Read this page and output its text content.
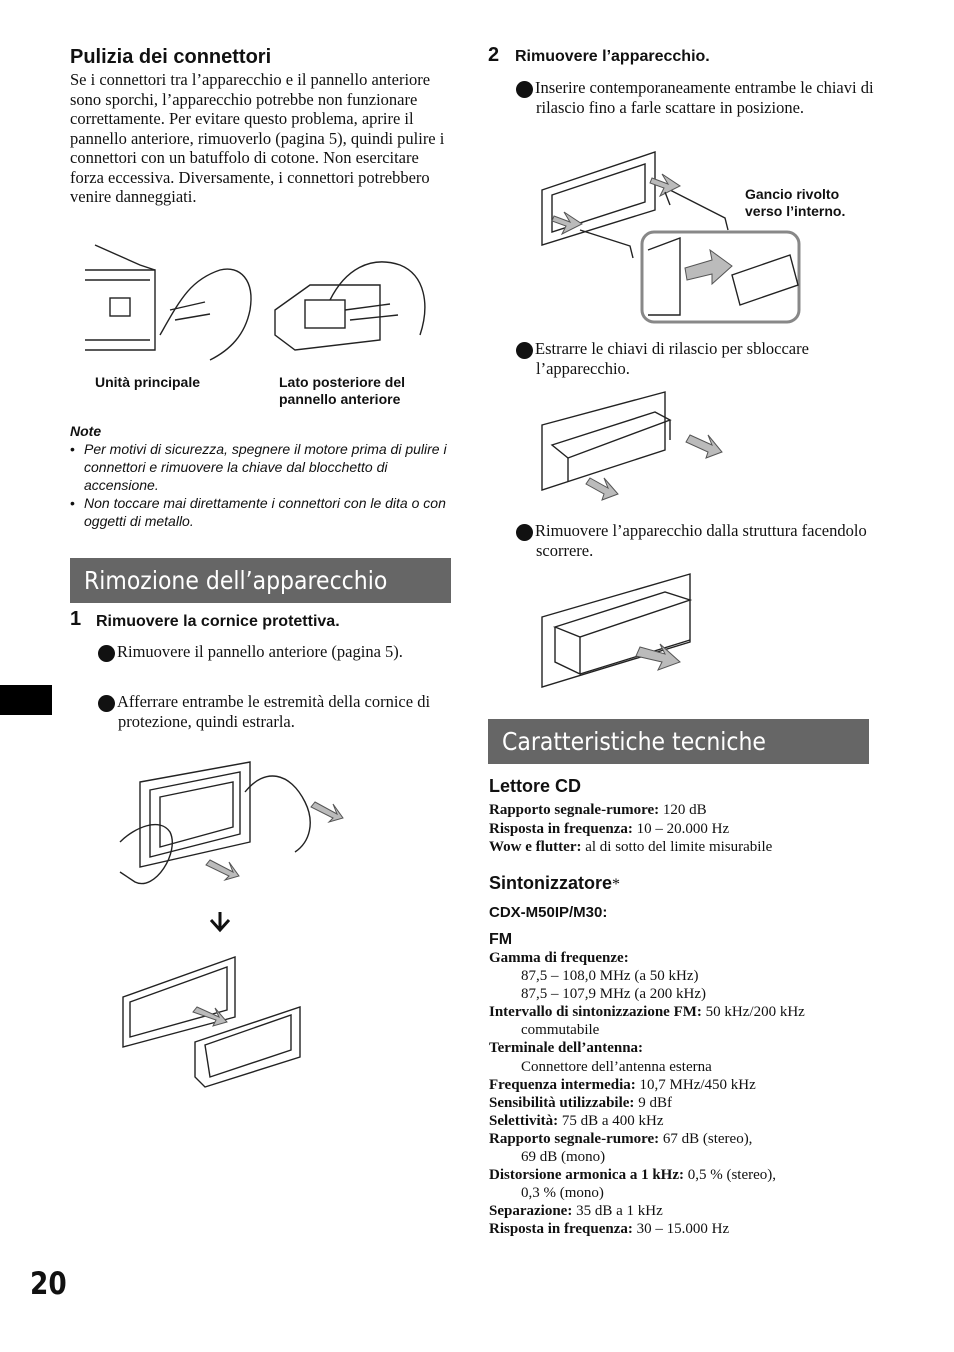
Pulizia dei connettori
Se i connettori tra l’apparecchio e il pannello anteriore sono sporchi, l’apparecchio potrebbe non funzionare correttamente. Per evitare questo problema, aprire il pannello anteriore, rimuoverlo (pagina 5), quindi pulire i connettori con un batuffolo di cotone. Non esercitare forza eccessiva. Diversamente, i connettori potrebbero venire danneggiati.
Unità principale	Lato posteriore del pannello anteriore
Note
• Per motivi di sicurezza, spegnere il motore prima di pulire i connettori e rimuovere la chiave dal blocchetto di accensione.
• Non toccare mai direttamente i connettori con le dita o con oggetti di metallo.
Rimozione dell’apparecchio
1 Rimuovere la cornice protettiva.
1 Rimuovere il pannello anteriore (pagina 5).
2 Afferrare entrambe le estremità della cornice di protezione, quindi estrarla.
20
2 Rimuovere l’apparecchio.
1 Inserire contemporaneamente entrambe le chiavi di rilascio fino a farle scattare in posizione.
Gancio rivolto verso l’interno.
2 Estrarre le chiavi di rilascio per sbloccare l’apparecchio.
3 Rimuovere l’apparecchio dalla struttura facendolo scorrere.
Caratteristiche tecniche
Lettore CD

Rapporto segnale-rumore: 120 dB

Risposta in frequenza: 10 – 20.000 Hz

Wow e flutter: al di sotto del limite misurabile

Sintonizzatore*
CDX-M50IP/M30:
FM

Gamma di frequenze:

87,5 – 108,0 MHz (a 50 kHz)

87,5 – 107,9 MHz (a 200 kHz)

Intervallo di sintonizzazione FM: 50 kHz/200 kHz

commutabile

Terminale dell’antenna:

Connettore dell’antenna esterna

Frequenza intermedia: 10,7 MHz/450 kHz

Sensibilità utilizzabile: 9 dBf

Selettività: 75 dB a 400 kHz

Rapporto segnale-rumore: 67 dB (stereo),

69 dB (mono)

Distorsione armonica a 1 kHz: 0,5 % (stereo),

0,3 % (mono)

Separazione: 35 dB a 1 kHz

Risposta in frequenza: 30 – 15.000 Hz
